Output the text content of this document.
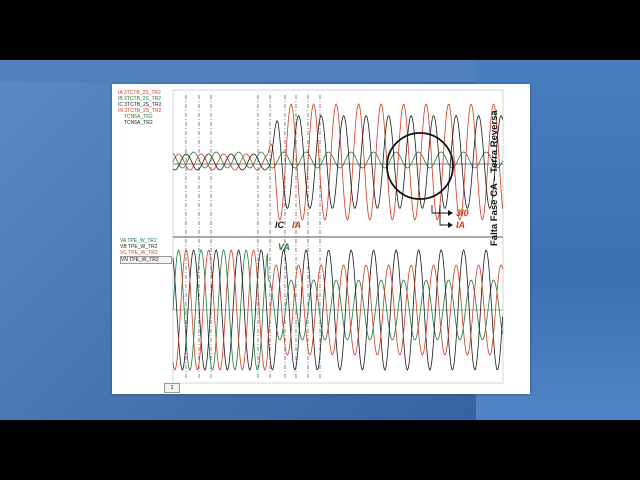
IA 3TCTB_2S_TR2
IB 3TCTB_2S_TR2
IC 3TCTB_2S_TR2
IN 3TCTB_2S_TR2
TCN5A_TR2
TCN5A_TR2
VA TPE_W_TR2
VB TPE_W_TR2
VC TPE_W_TR2
VN TPE_W_TR2
Falta Fase CA – Terra Reversa
IC IA
VA
3I0
IA
1
